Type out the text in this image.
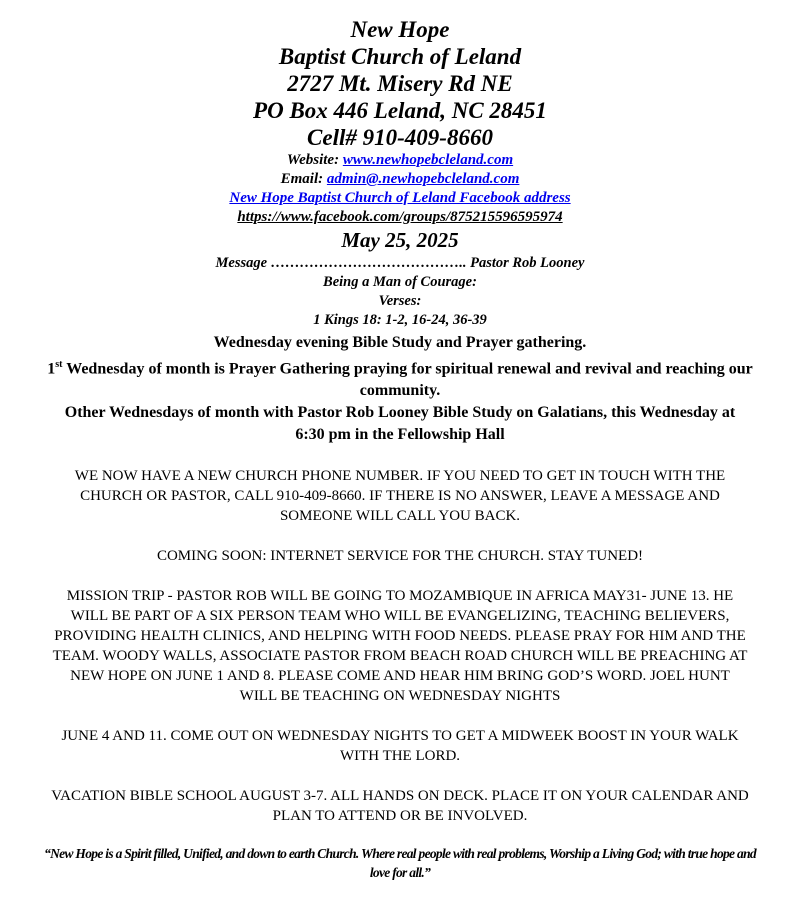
New Hope
Baptist Church of Leland
2727 Mt. Misery Rd NE
PO Box 446 Leland, NC 28451
Cell# 910-409-8660
Website: www.newhopebcleland.com
Email: admin@.newhopebcleland.com
New Hope Baptist Church of Leland Facebook address
https://www.facebook.com/groups/875215596595974
May 25, 2025
Message ………………………………….. Pastor Rob Looney
Being a Man of Courage:
Verses:
1 Kings 18: 1-2, 16-24, 36-39
Wednesday evening Bible Study and Prayer gathering.
1st Wednesday of month is Prayer Gathering praying for spiritual renewal and revival and reaching our community.
Other Wednesdays of month with Pastor Rob Looney Bible Study on Galatians, this Wednesday at 6:30 pm in the Fellowship Hall
WE NOW HAVE A NEW CHURCH PHONE NUMBER. IF YOU NEED TO GET IN TOUCH WITH THE CHURCH OR PASTOR, CALL 910-409-8660. IF THERE IS NO ANSWER, LEAVE A MESSAGE AND SOMEONE WILL CALL YOU BACK.
COMING SOON: INTERNET SERVICE FOR THE CHURCH. STAY TUNED!
MISSION TRIP - PASTOR ROB WILL BE GOING TO MOZAMBIQUE IN AFRICA MAY31- JUNE 13. HE WILL BE PART OF A SIX PERSON TEAM WHO WILL BE EVANGELIZING, TEACHING BELIEVERS, PROVIDING HEALTH CLINICS, AND HELPING WITH FOOD NEEDS. PLEASE PRAY FOR HIM AND THE TEAM. WOODY WALLS, ASSOCIATE PASTOR FROM BEACH ROAD CHURCH WILL BE PREACHING AT NEW HOPE ON JUNE 1 AND 8. PLEASE COME AND HEAR HIM BRING GOD’S WORD. JOEL HUNT WILL BE TEACHING ON WEDNESDAY NIGHTS
JUNE 4 AND 11. COME OUT ON WEDNESDAY NIGHTS TO GET A MIDWEEK BOOST IN YOUR WALK WITH THE LORD.
VACATION BIBLE SCHOOL AUGUST 3-7. ALL HANDS ON DECK. PLACE IT ON YOUR CALENDAR AND PLAN TO ATTEND OR BE INVOLVED.
“New Hope is a Spirit filled, Unified, and down to earth Church. Where real people with real problems, Worship a Living God; with true hope and love for all.”
